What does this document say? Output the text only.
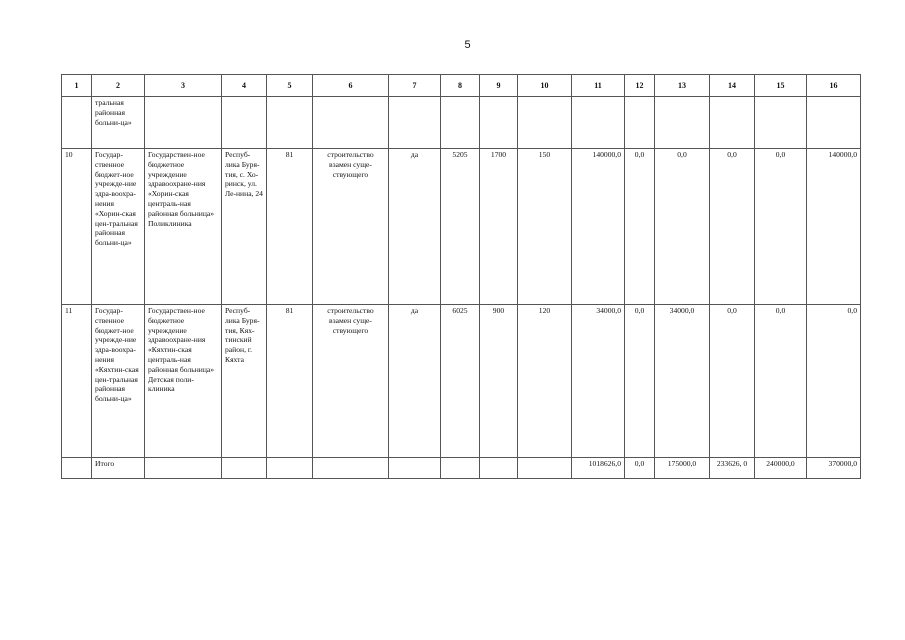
5
1	2	3	4	5	6	7	8	9	10	11	12	13	14	15	16
	тральная районная больни-ца»														
10	Государ-ственное бюджет-ное учрежде-ние здра-воохра-нения «Хорин-ская цен-тральная районная больни-ца»	Государствен-ное бюджетное учреждение здравоохране-ния «Хорин-ская централь-ная районная больница» Поликлиника	Респуб-лика Буря-тия, с. Хо-ринск, ул. Ле-нина, 24	81	строительство взамен суще-ствующего	да	5205	1700	150	140000,0	0,0	0,0	0,0	0,0	140000,0
11	Государ-ственное бюджет-ное учрежде-ние здра-воохра-нения «Кяхтин-ская цен-тральная районная больни-ца»	Государствен-ное бюджетное учреждение здравоохране-ния «Кяхтин-ская централь-ная районная больница» Детская поли-клиника	Респуб-лика Буря-тия, Кях-тинский район, г. Кяхта	81	строительство взамен суще-ствующего	да	6025	900	120	34000,0	0,0	34000,0	0,0	0,0	0,0
	Итого									1018626,0	0,0	175000,0	233626, 0	240000,0	370000,0
